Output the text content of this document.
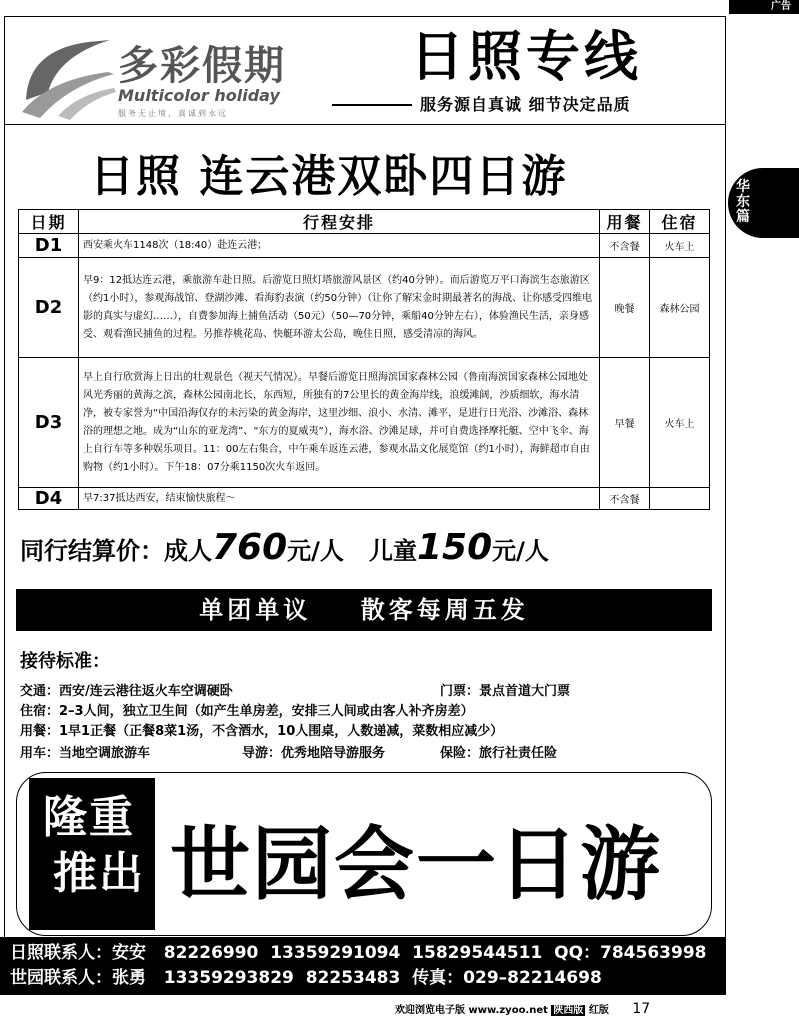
广告
多彩假期
Multicolor holiday
服务无止境，真诚到永远
日照专线
服务源自真诚 细节决定品质
日照 连云港双卧四日游	华
东
篇
日期	行程安排	用餐	住宿
D1	西安乘火车1148次（18:40）赴连云港；	不含餐	火车上
D2	早9：12抵达连云港，乘旅游车赴日照。后游览日照灯塔旅游风景区（约40分钟）。而后游览万平口海滨生态旅游区（约1小时），参观海战馆、登湖沙滩、看海豹表演（约50分钟）（让你了解宋金时期最著名的海战、让你感受四维电影的真实与虚幻……），自费参加海上捕鱼活动（50元）（50—70分钟，乘船40分钟左右），体验渔民生活，亲身感受、观看渔民捕鱼的过程。另推荐桃花岛、快艇环游太公岛，晚住日照，感受清凉的海风。	晚餐	森林公园
D3	早上自行欣赏海上日出的壮观景色（视天气情况）。早餐后游览日照海滨国家森林公园（鲁南海滨国家森林公园地处风光秀丽的黄海之滨，森林公园南北长，东西短，所独有的7公里长的黄金海岸线，浪缓滩阔，沙质细软，海水清净，被专家誉为“中国沿海仅存的未污染的黄金海岸，这里沙细、浪小、水清、滩平，是进行日光浴、沙滩浴、森林浴的理想之地。成为“山东的亚龙湾”、“东方的夏威夷”），海水浴、沙滩足球，并可自费选择摩托艇、空中飞伞、海上自行车等多种娱乐项目。11：00左右集合，中午乘车返连云港，参观水晶文化展览馆（约1小时），海鲜超市自由购物（约1小时）。下午18：07分乘1150次火车返回。	早餐	火车上
D4	早7:37抵达西安，结束愉快旅程～	不含餐	
同行结算价：成人760元/人 儿童150元/人
单团单议    散客每周五发
接待标准：
交通：西安/连云港往返火车空调硬卧	门票：景点首道大门票
住宿：2–3人间，独立卫生间（如产生单房差，安排三人间或由客人补齐房差）
用餐：1早1正餐（正餐8菜1汤，不含酒水，10人围桌，人数递减，菜数相应减少）
用车：当地空调旅游车	导游：优秀地陪导游服务	保险：旅行社责任险
隆重
推出 世园会一日游
日照联系人：安安   82226990  13359291094  15829544511  QQ：784563998
世园联系人：张勇   13359293829  82253483  传真：029–82214698
欢迎浏览电子版 www.zyoo.net 陕西版 红版 17
